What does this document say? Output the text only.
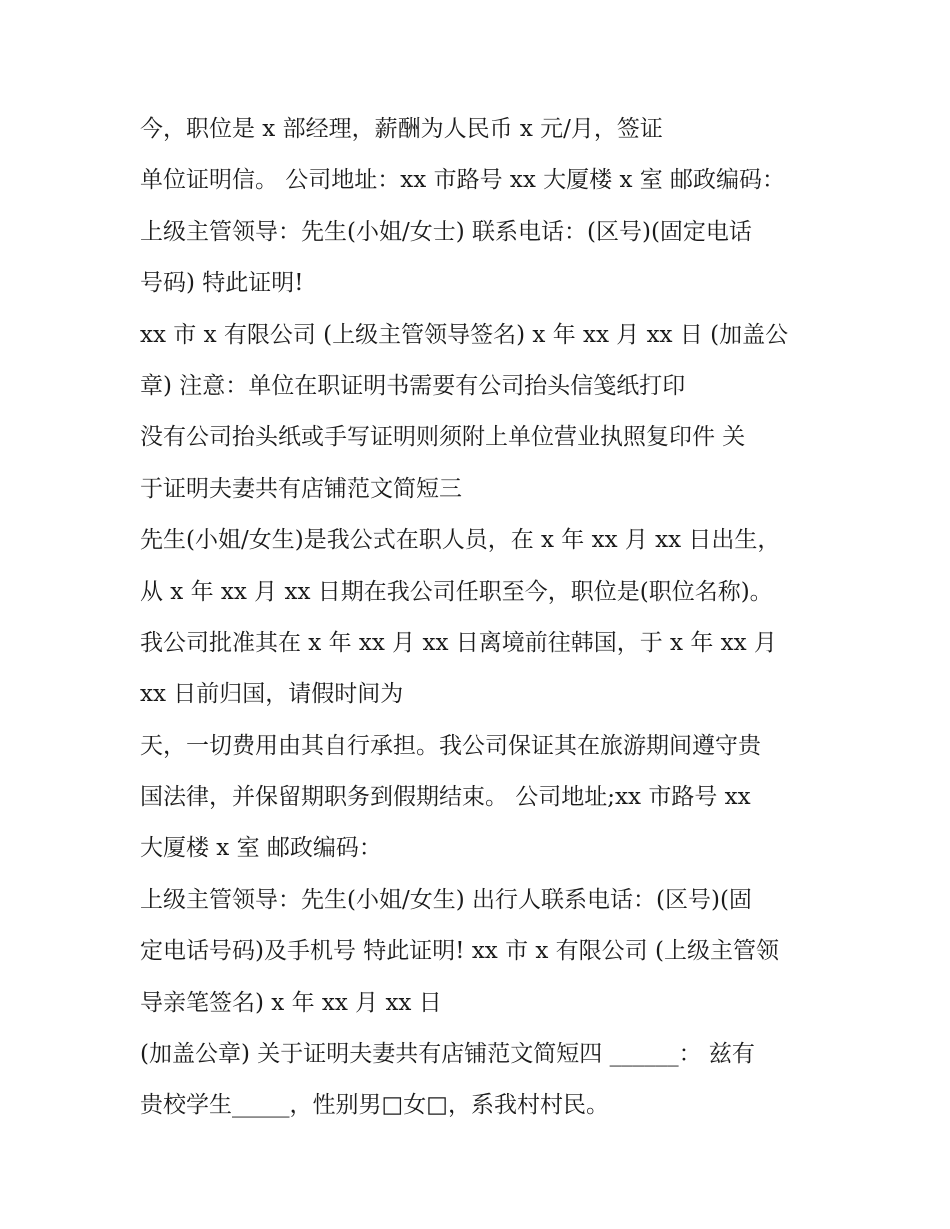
今，职位是 x 部经理，薪酬为人民币 x 元/月，签证
单位证明信。 公司地址：xx 市路号 xx 大厦楼 x 室 邮政编码：
上级主管领导：先生(小姐/女士) 联系电话：(区号)(固定电话
号码) 特此证明!
xx 市 x 有限公司 (上级主管领导签名) x 年 xx 月 xx 日 (加盖公
章) 注意：单位在职证明书需要有公司抬头信笺纸打印
没有公司抬头纸或手写证明则须附上单位营业执照复印件 关
于证明夫妻共有店铺范文简短三
先生(小姐/女生)是我公式在职人员，在 x 年 xx 月 xx 日出生，
从 x 年 xx 月 xx 日期在我公司任职至今，职位是(职位名称)。
我公司批准其在 x 年 xx 月 xx 日离境前往韩国，于 x 年 xx 月
xx 日前归国，请假时间为
天，一切费用由其自行承担。我公司保证其在旅游期间遵守贵
国法律，并保留期职务到假期结束。 公司地址;xx 市路号 xx
大厦楼 x 室 邮政编码：
上级主管领导：先生(小姐/女生) 出行人联系电话：(区号)(固
定电话号码)及手机号 特此证明! xx 市 x 有限公司 (上级主管领
导亲笔签名) x 年 xx 月 xx 日
(加盖公章) 关于证明夫妻共有店铺范文简短四 ______： 兹有
贵校学生_____，性别男□女□，系我村村民。
